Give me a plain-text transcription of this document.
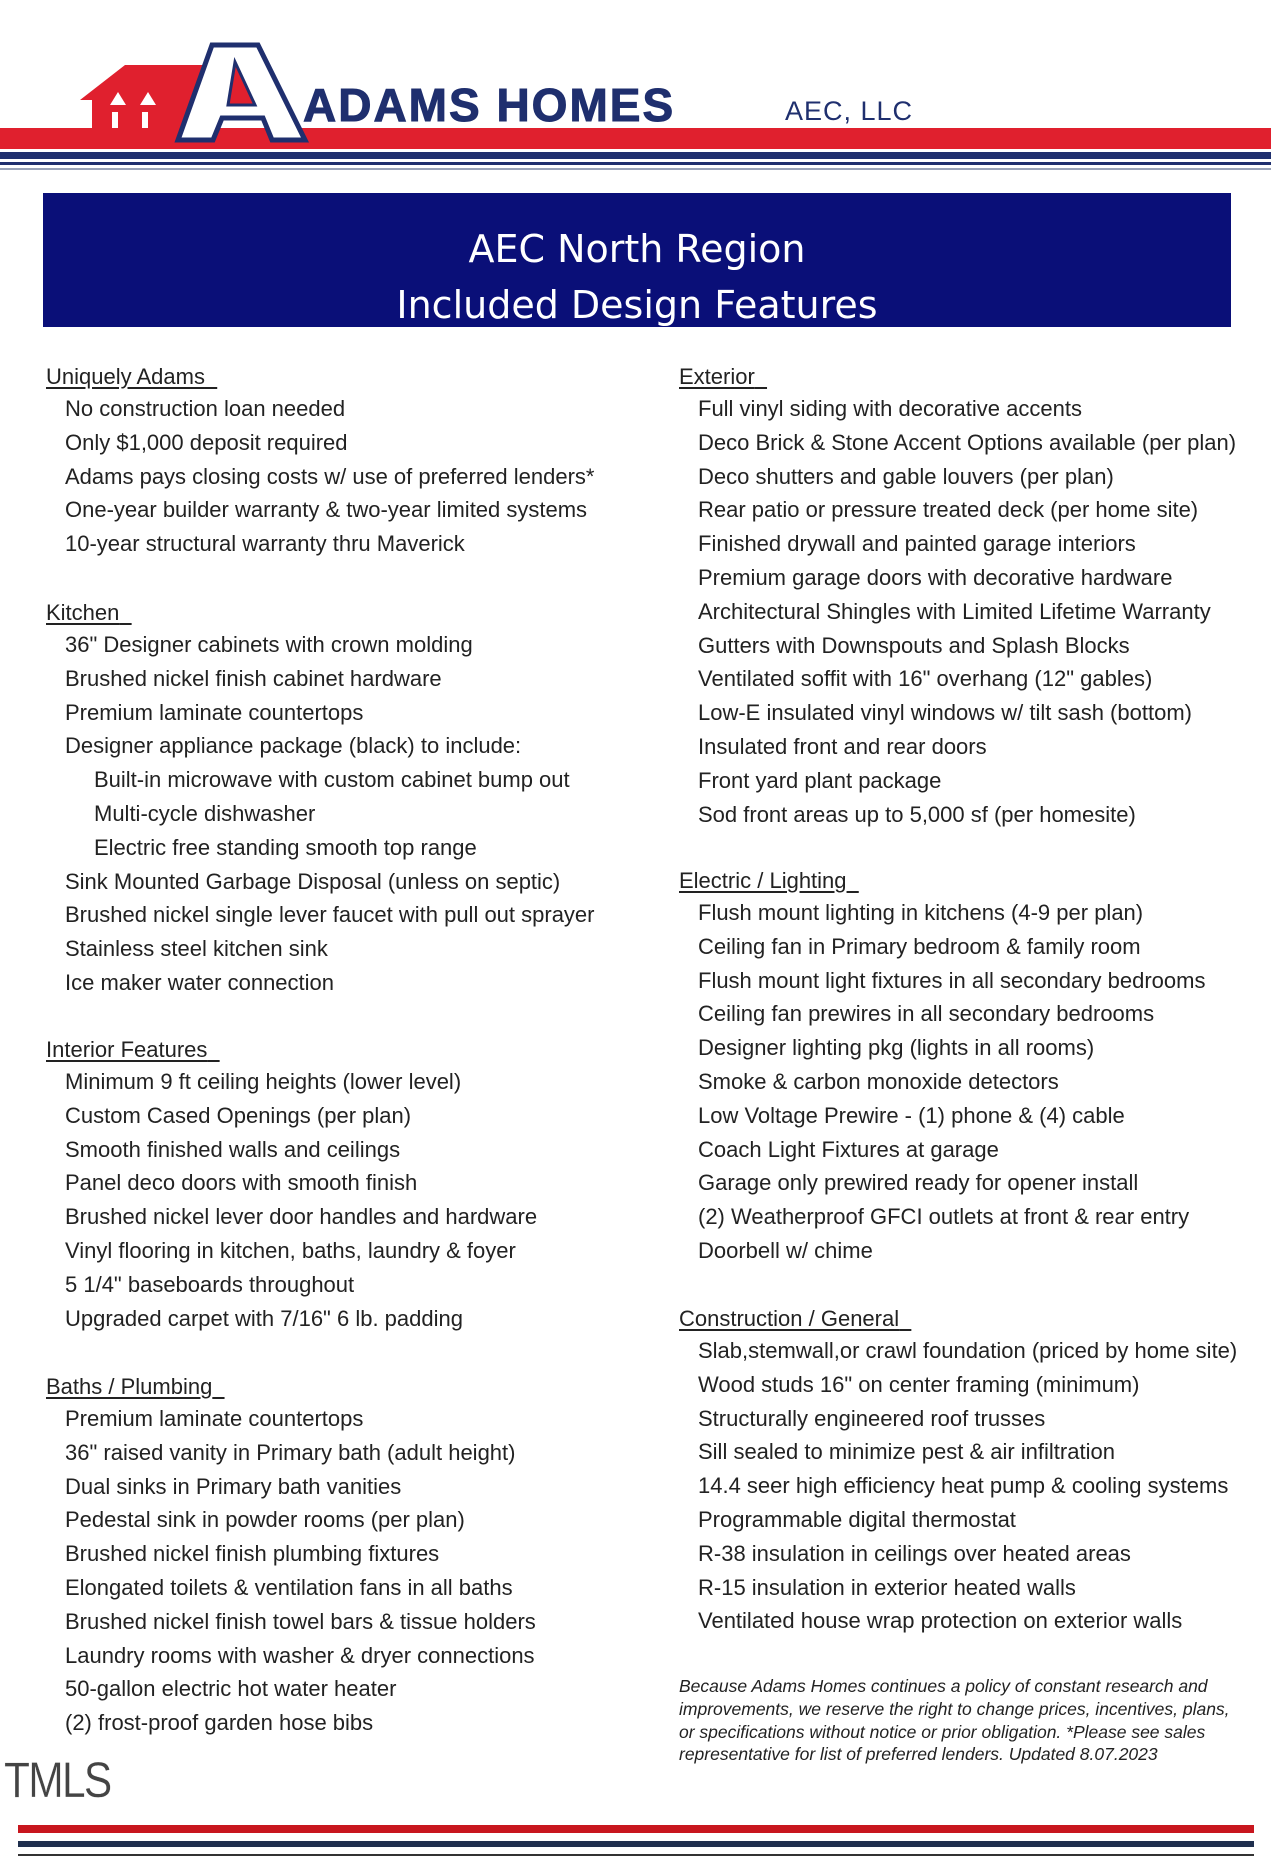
ADAMS HOMES	AEC, LLC
AEC North Region
Included Design Features
Uniquely Adams
No construction loan needed
Only $1,000 deposit required
Adams pays closing costs w/ use of preferred lenders*
One-year builder warranty & two-year limited systems
10-year structural warranty thru Maverick
Kitchen
36" Designer cabinets with crown molding
Brushed nickel finish cabinet hardware
Premium laminate countertops
Designer appliance package (black) to include:
Built-in microwave with custom cabinet bump out
Multi-cycle dishwasher
Electric free standing smooth top range
Sink Mounted Garbage Disposal (unless on septic)
Brushed nickel single lever faucet with pull out sprayer
Stainless steel kitchen sink
Ice maker water connection
Interior Features
Minimum 9 ft ceiling heights (lower level)
Custom Cased Openings (per plan)
Smooth finished walls and ceilings
Panel deco doors with smooth finish
Brushed nickel lever door handles and hardware
Vinyl flooring in kitchen, baths, laundry & foyer
5 1/4" baseboards throughout
Upgraded carpet with 7/16" 6 lb. padding
Baths / Plumbing
Premium laminate countertops
36" raised vanity in Primary bath (adult height)
Dual sinks in Primary bath vanities
Pedestal sink in powder rooms (per plan)
Brushed nickel finish plumbing fixtures
Elongated toilets & ventilation fans in all baths
Brushed nickel finish towel bars & tissue holders
Laundry rooms with washer & dryer connections
50-gallon electric hot water heater
(2) frost-proof garden hose bibs
Exterior
Full vinyl siding with decorative accents
Deco Brick & Stone Accent Options available (per plan)
Deco shutters and gable louvers (per plan)
Rear patio or pressure treated deck (per home site)
Finished drywall and painted garage interiors
Premium garage doors with decorative hardware
Architectural Shingles with Limited Lifetime Warranty
Gutters with Downspouts and Splash Blocks
Ventilated soffit with 16" overhang (12" gables)
Low-E insulated vinyl windows w/ tilt sash (bottom)
Insulated front and rear doors
Front yard plant package
Sod front areas up to 5,000 sf (per homesite)
Electric / Lighting
Flush mount lighting in kitchens (4-9 per plan)
Ceiling fan in Primary bedroom & family room
Flush mount light fixtures in all secondary bedrooms
Ceiling fan prewires in all secondary bedrooms
Designer lighting pkg (lights in all rooms)
Smoke & carbon monoxide detectors
Low Voltage Prewire - (1) phone & (4) cable
Coach Light Fixtures at garage
Garage only prewired ready for opener install
(2) Weatherproof GFCI outlets at front & rear entry
Doorbell w/ chime
Construction / General
Slab,stemwall,or crawl foundation (priced by home site)
Wood studs 16" on center framing (minimum)
Structurally engineered roof trusses
Sill sealed to minimize pest & air infiltration
14.4 seer high efficiency heat pump & cooling systems
Programmable digital thermostat
R-38 insulation in ceilings over heated areas
R-15 insulation in exterior heated walls
Ventilated house wrap protection on exterior walls
Because Adams Homes continues a policy of constant research and improvements, we reserve the right to change prices, incentives, plans, or specifications without notice or prior obligation. *Please see sales representative for list of preferred lenders. Updated 8.07.2023
TMLS
